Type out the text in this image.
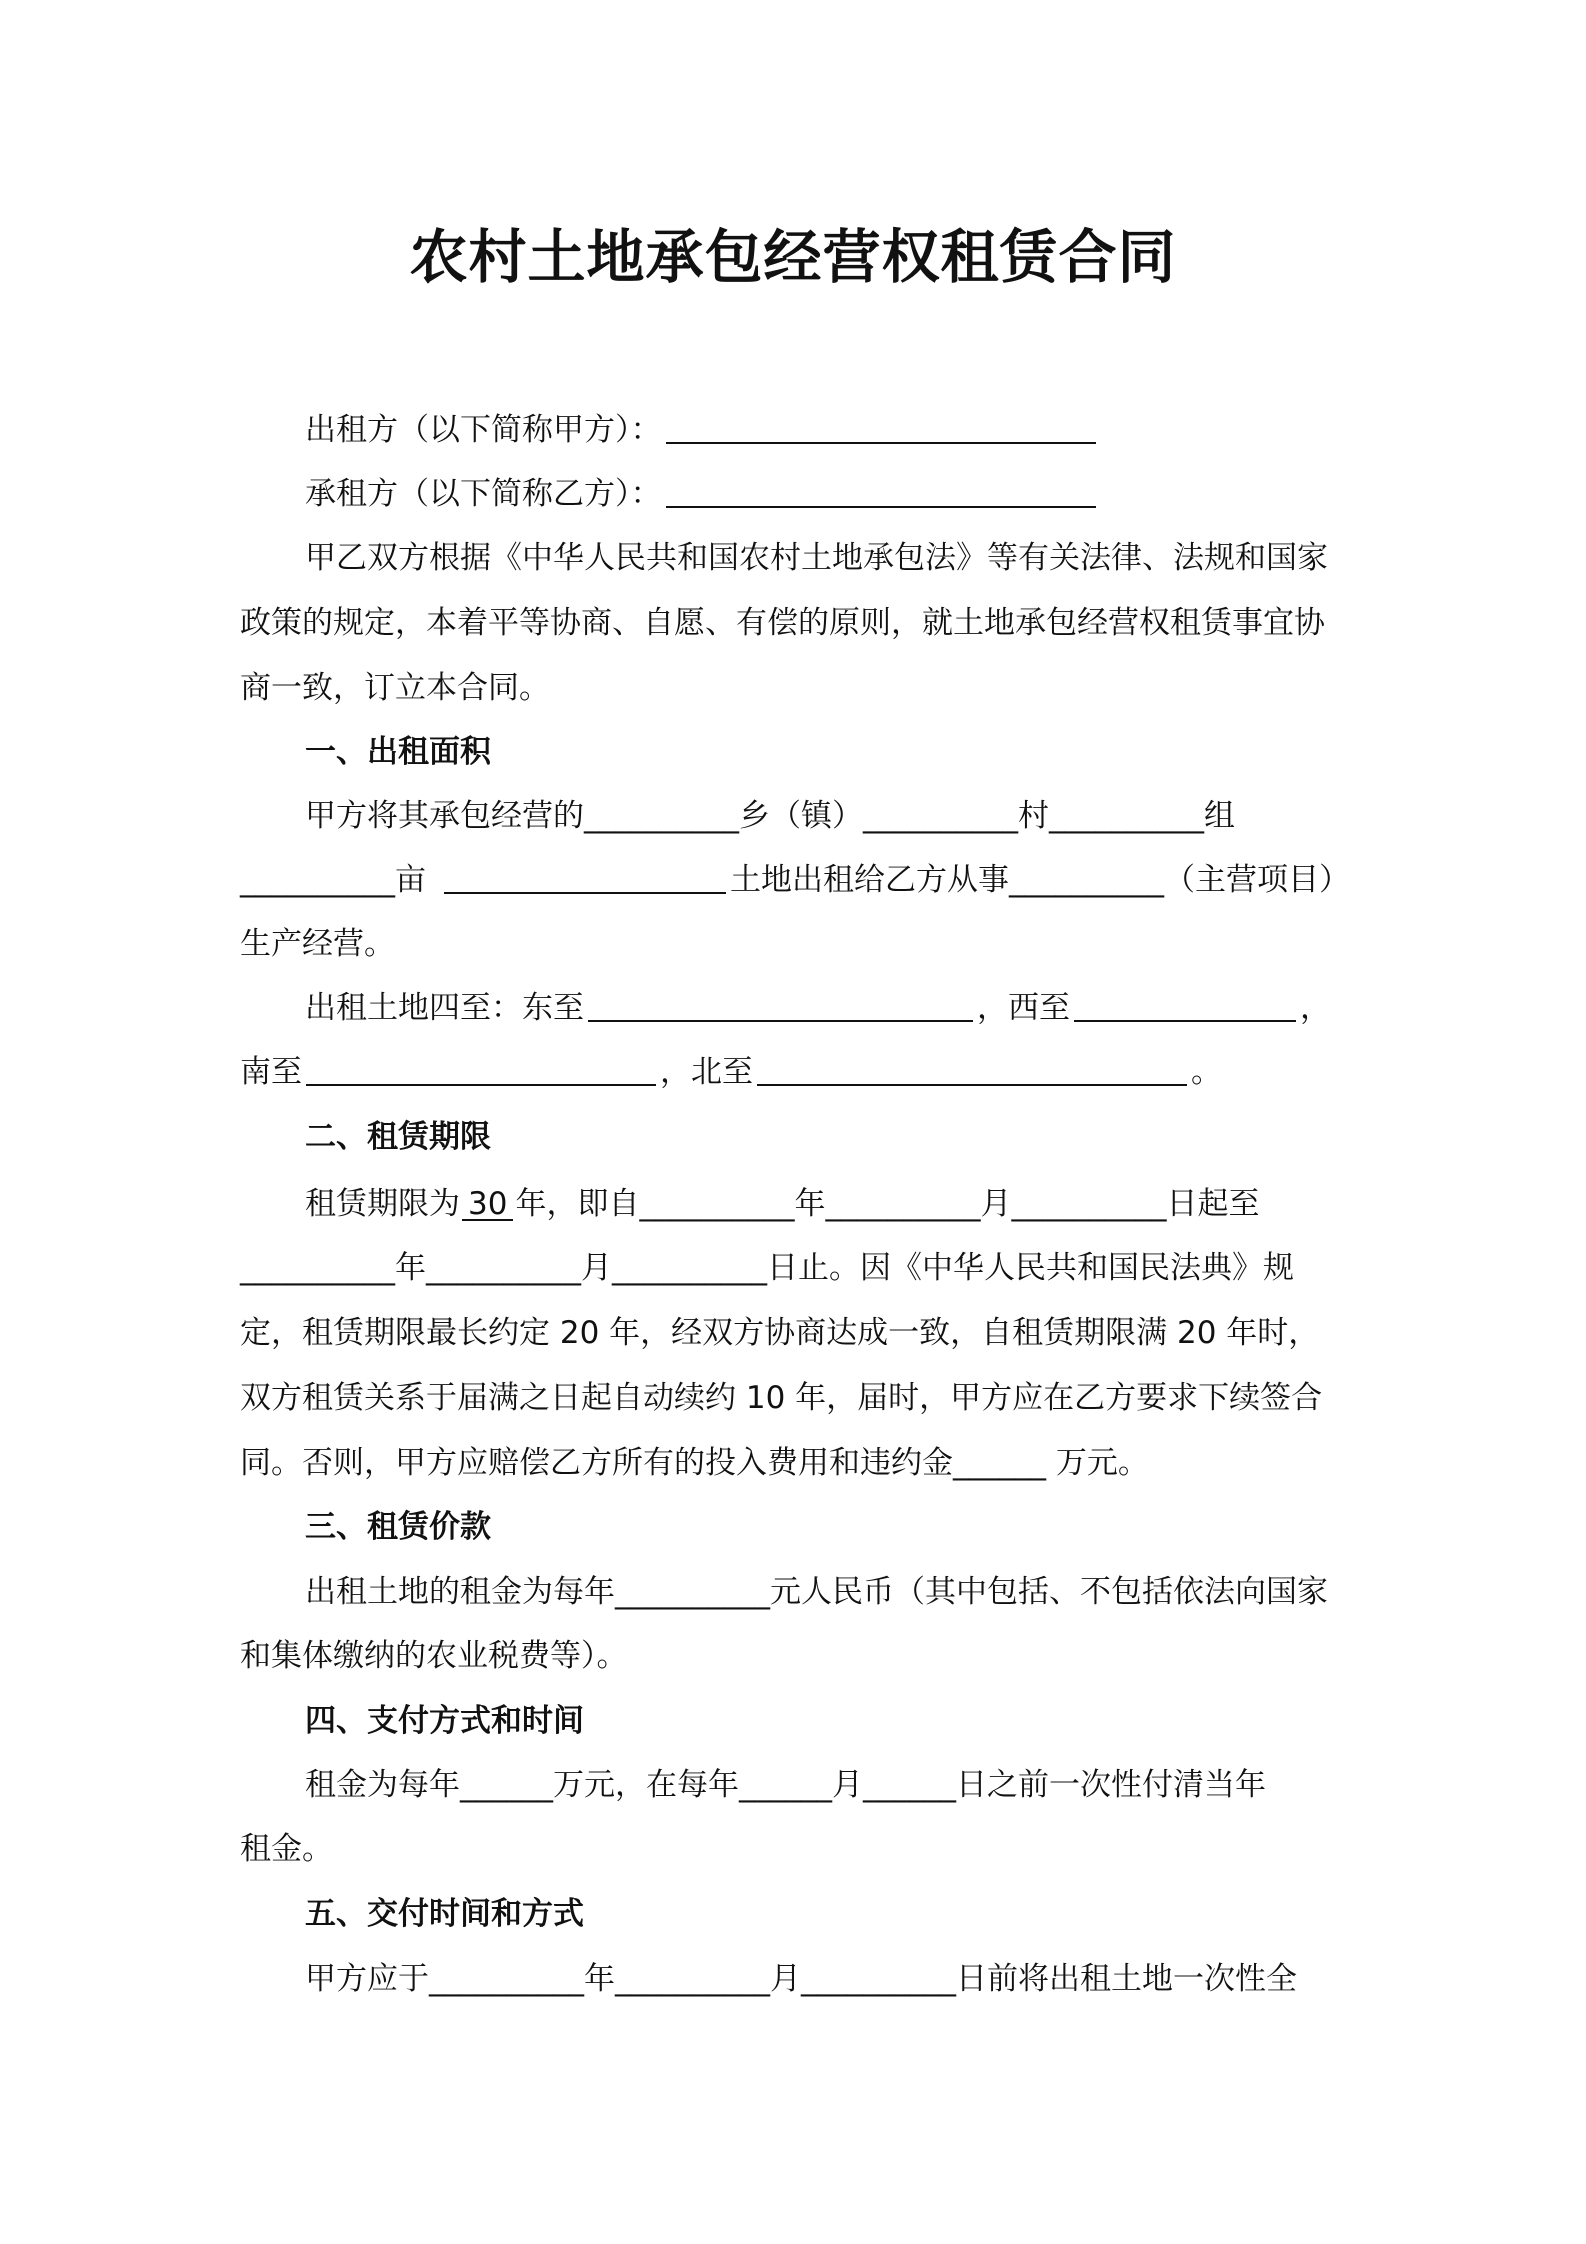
农村土地承包经营权租赁合同
出租方（以下简称甲方）：
承租方（以下简称乙方）：
甲乙双方根据《中华人民共和国农村土地承包法》等有关法律、法规和国家
政策的规定，本着平等协商、自愿、有偿的原则，就土地承包经营权租赁事宜协
商一致，订立本合同。
一、出租面积
甲方将其承包经营的__________乡（镇）__________村__________组
__________亩	土地出租给乙方从事__________（主营项目）
生产经营。
出租土地四至：东至	，西至	，
南至	，北至	。
二、租赁期限
租赁期限为 30 年，即自__________年__________月__________日起至
__________年__________月__________日止。因《中华人民共和国民法典》规
定，租赁期限最长约定 20 年，经双方协商达成一致，自租赁期限满 20 年时，
双方租赁关系于届满之日起自动续约 10 年，届时，甲方应在乙方要求下续签合
同。否则，甲方应赔偿乙方所有的投入费用和违约金______ 万元。
三、租赁价款
出租土地的租金为每年__________元人民币（其中包括、不包括依法向国家
和集体缴纳的农业税费等）。
四、支付方式和时间
租金为每年______万元，在每年______月______日之前一次性付清当年
租金。
五、交付时间和方式
甲方应于__________年__________月__________日前将出租土地一次性全
